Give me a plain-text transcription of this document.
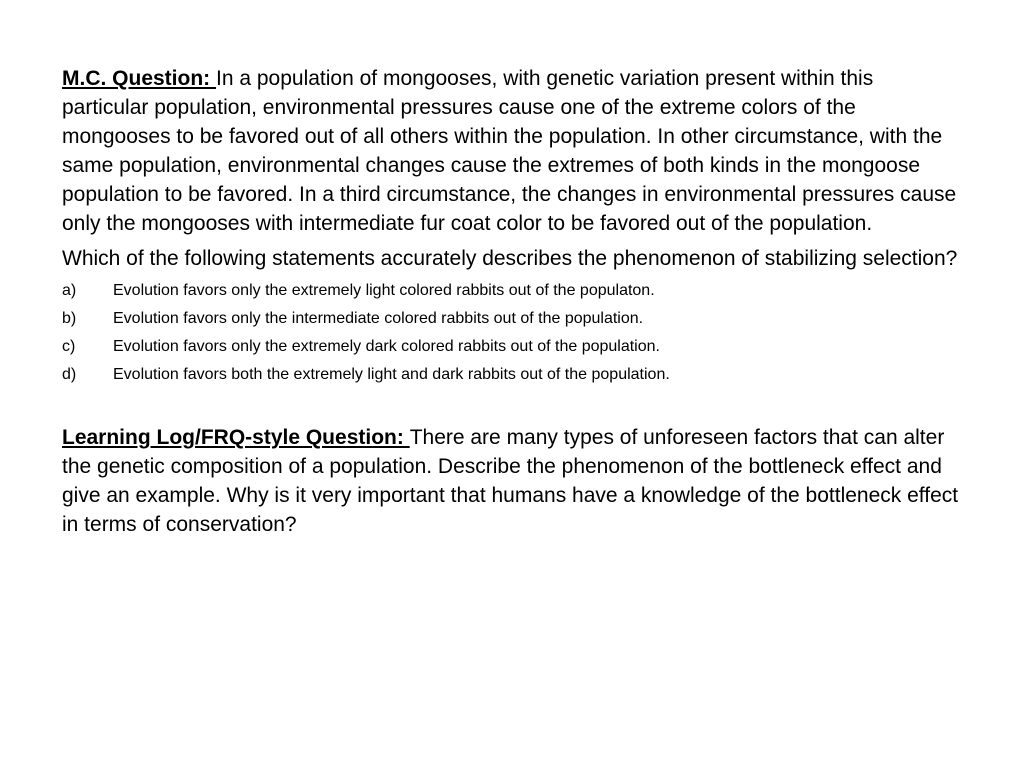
M.C. Question: In a population of mongooses, with genetic variation present within this particular population, environmental pressures cause one of the extreme colors of the mongooses to be favored out of all others within the population. In other circumstance, with the same population, environmental changes cause the extremes of both kinds in the mongoose population to be favored. In a third circumstance, the changes in environmental pressures cause only the mongooses with intermediate fur coat color to be favored out of the population.

Which of the following statements accurately describes the phenomenon of stabilizing selection?

a)	Evolution favors only the extremely light colored rabbits out of the populaton.
b)	Evolution favors only the intermediate colored rabbits out of the population.
c)	Evolution favors only the extremely dark colored rabbits out of the population.
d)	Evolution favors both the extremely light and dark rabbits out of the population.

Learning Log/FRQ-style Question: There are many types of unforeseen factors that can alter the genetic composition of a population. Describe the phenomenon of the bottleneck effect and give an example. Why is it very important that humans have a knowledge of the bottleneck effect in terms of conservation?
